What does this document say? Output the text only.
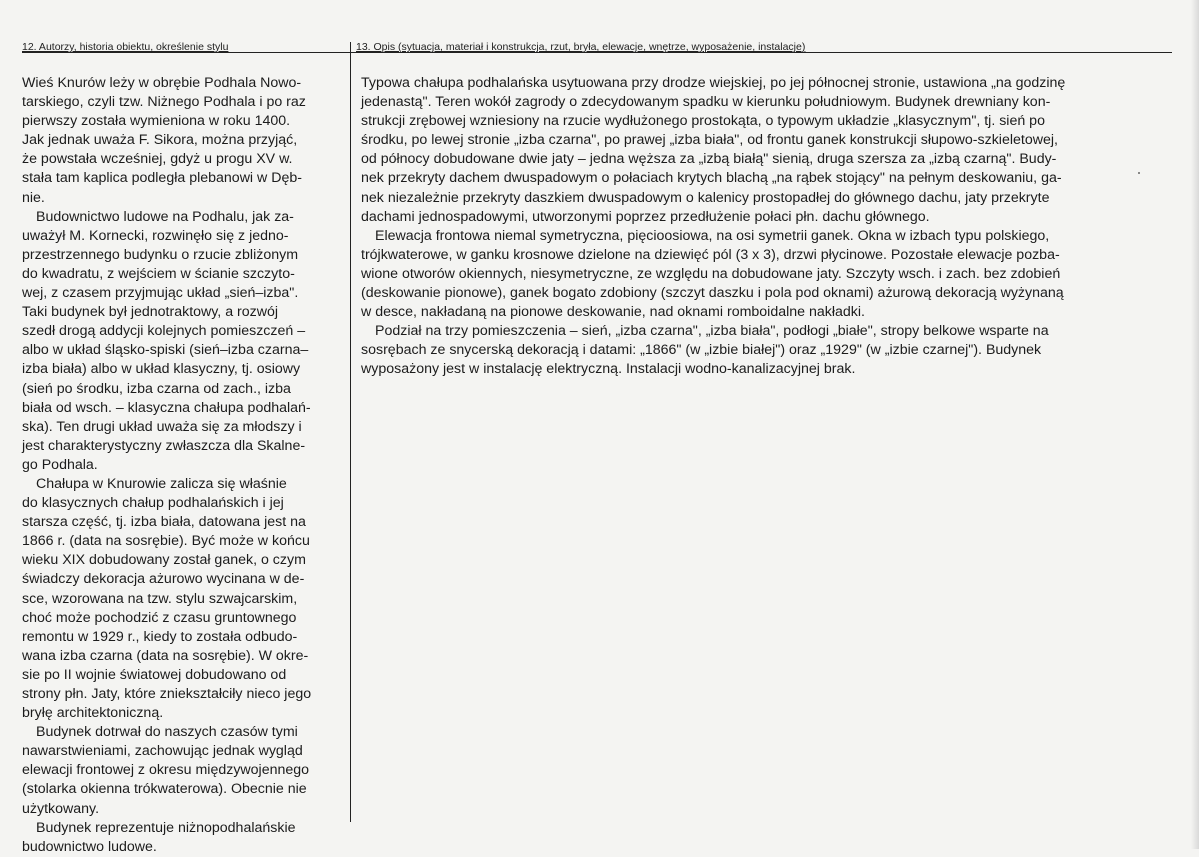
12. Autorzy, historia obiektu, określenie stylu	13. Opis (sytuacja, materiał i konstrukcja, rzut, bryła, elewacje, wnętrze, wyposażenie, instalacje)
Wieś Knurów leży w obrębie Podhala Nowo-
tarskiego, czyli tzw. Niżnego Podhala i po raz
pierwszy została wymieniona w roku 1400.
Jak jednak uważa F. Sikora, można przyjąć,
że powstała wcześniej, gdyż u progu XV w.
stała tam kaplica podległa plebanowi w Dęb-
nie.
Budownictwo ludowe na Podhalu, jak za-
uważył M. Kornecki, rozwinęło się z jedno-
przestrzennego budynku o rzucie zbliżonym
do kwadratu, z wejściem w ścianie szczyto-
wej, z czasem przyjmując układ „sień–izba".
Taki budynek był jednotraktowy, a rozwój
szedł drogą addycji kolejnych pomieszczeń –
albo w układ śląsko-spiski (sień–izba czarna–
izba biała) albo w układ klasyczny, tj. osiowy
(sień po środku, izba czarna od zach., izba
biała od wsch. – klasyczna chałupa podhalań-
ska). Ten drugi układ uważa się za młodszy i
jest charakterystyczny zwłaszcza dla Skalne-
go Podhala.
Chałupa w Knurowie zalicza się właśnie
do klasycznych chałup podhalańskich i jej
starsza część, tj. izba biała, datowana jest na
1866 r. (data na sosrębie). Być może w końcu
wieku XIX dobudowany został ganek, o czym
świadczy dekoracja ażurowo wycinana w de-
sce, wzorowana na tzw. stylu szwajcarskim,
choć może pochodzić z czasu gruntownego
remontu w 1929 r., kiedy to została odbudo-
wana izba czarna (data na sosrębie). W okre-
sie po II wojnie światowej dobudowano od
strony płn. Jaty, które zniekształciły nieco jego
bryłę architektoniczną.
Budynek dotrwał do naszych czasów tymi
nawarstwieniami, zachowując jednak wygląd
elewacji frontowej z okresu międzywojennego
(stolarka okienna trókwaterowa). Obecnie nie
użytkowany.
Budynek reprezentuje niżnopodhalańskie
budownictwo ludowe.
Typowa chałupa podhalańska usytuowana przy drodze wiejskiej, po jej północnej stronie, ustawiona „na godzinę
jedenastą". Teren wokół zagrody o zdecydowanym spadku w kierunku południowym. Budynek drewniany kon-
strukcji zrębowej wzniesiony na rzucie wydłużonego prostokąta, o typowym układzie „klasycznym", tj. sień po
środku, po lewej stronie „izba czarna", po prawej „izba biała", od frontu ganek konstrukcji słupowo-szkieletowej,
od północy dobudowane dwie jaty – jedna węższa za „izbą białą" sienią, druga szersza za „izbą czarną". Budy-
nek przekryty dachem dwuspadowym o połaciach krytych blachą „na rąbek stojący" na pełnym deskowaniu, ga-
nek niezależnie przekryty daszkiem dwuspadowym o kalenicy prostopadłej do głównego dachu, jaty przekryte
dachami jednospadowymi, utworzonymi poprzez przedłużenie połaci płn. dachu głównego.
Elewacja frontowa niemal symetryczna, pięcioosiowa, na osi symetrii ganek. Okna w izbach typu polskiego,
trójkwaterowe, w ganku krosnowe dzielone na dziewięć pól (3 x 3), drzwi płycinowe. Pozostałe elewacje pozba-
wione otworów okiennych, niesymetryczne, ze względu na dobudowane jaty. Szczyty wsch. i zach. bez zdobień
(deskowanie pionowe), ganek bogato zdobiony (szczyt daszku i pola pod oknami) ażurową dekoracją wyżynaną
w desce, nakładaną na pionowe deskowanie, nad oknami romboidalne nakładki.
Podział na trzy pomieszczenia – sień, „izba czarna", „izba biała", podłogi „białe", stropy belkowe wsparte na
sosrębach ze snycerską dekoracją i datami: „1866" (w „izbie białej") oraz „1929" (w „izbie czarnej"). Budynek
wyposażony jest w instalację elektryczną. Instalacji wodno-kanalizacyjnej brak.
